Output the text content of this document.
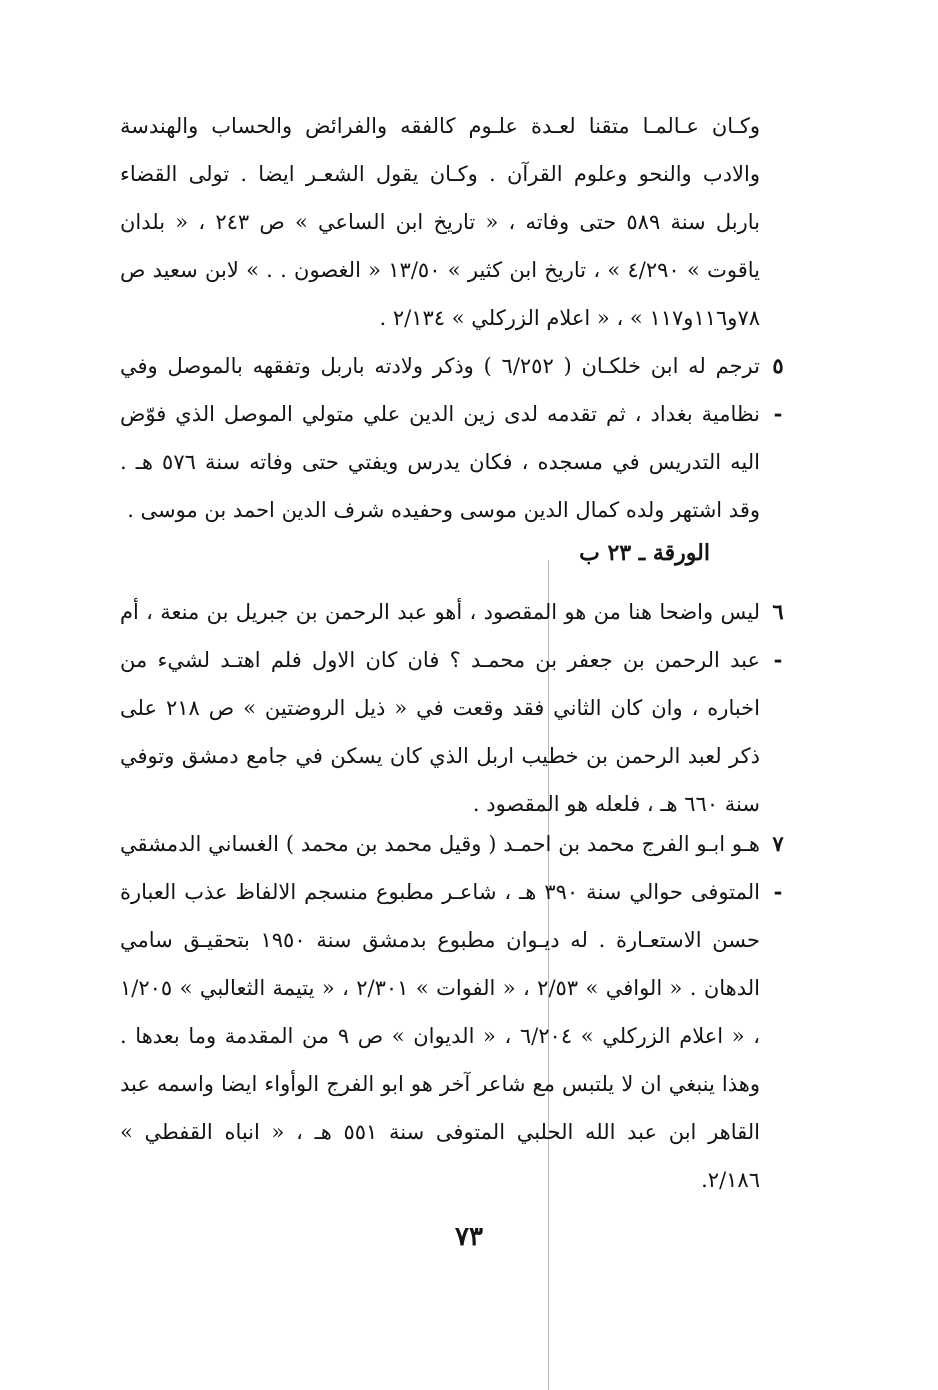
وكـان عـالمـا متقنا لعـدة علـوم كالفقه والفرائض والحساب والهندسة والادب والنحو وعلوم القرآن . وكـان يقول الشعـر ايضا . تولى القضاء باربل سنة ٥٨٩ حتى وفاته ، « تاريخ ابن الساعي » ص ٢٤٣ ، « بلدان ياقوت » ٤/٢٩٠ » ، تاريخ ابن كثير » ١٣/٥٠ « الغصون . . » لابن سعيد ص ٧٨و١١٦و١١٧ » ، « اعلام الزركلي » ٢/١٣٤ .
٥ -
ترجم له ابن خلكـان ( ٦/٢٥٢ ) وذكر ولادته باربل وتفقهه بالموصل وفي نظامية بغداد ، ثم تقدمه لدى زين الدين علي متولي الموصل الذي فوّض اليه التدريس في مسجده ، فكان يدرس ويفتي حتى وفاته سنة ٥٧٦ هـ . وقد اشتهر ولده كمال الدين موسى وحفيده شرف الدين احمد بن موسى .
الورقة ـ ٢٣ ب
٦ -
ليس واضحا هنا من هو المقصود ، أهو عبد الرحمن بن جبريل بن منعة ، أم عبد الرحمن بن جعفر بن محمـد ؟ فان كان الاول فلم اهتـد لشيء من اخباره ، وان كان الثاني فقد وقعت في « ذيل الروضتين » ص ٢١٨ على ذكر لعبد الرحمن بن خطيب اربل الذي كان يسكن في جامع دمشق وتوفي سنة ٦٦٠ هـ ، فلعله هو المقصود .
٧ -
هـو ابـو الفرج محمد بن احمـد ( وقيل محمد بن محمد ) الغساني الدمشقي المتوفى حوالي سنة ٣٩٠ هـ ، شاعـر مطبوع منسجم الالفاظ عذب العبارة حسن الاستعـارة . له ديـوان مطبوع بدمشق سنة ١٩٥٠ بتحقيـق سامي الدهان . « الوافي » ٢/٥٣ ، « الفوات » ٢/٣٠١ ، « يتيمة الثعالبي » ١/٢٠٥ ، « اعلام الزركلي » ٦/٢٠٤ ، « الديوان » ص ٩ من المقدمة وما بعدها . وهذا ينبغي ان لا يلتبس مع شاعر آخر هو ابو الفرج الوأواء ايضا واسمه عبد القاهر ابن عبد الله الحلبي المتوفى سنة ٥٥١ هـ ، « انباه القفطي » ٢/١٨٦.
٧٣
